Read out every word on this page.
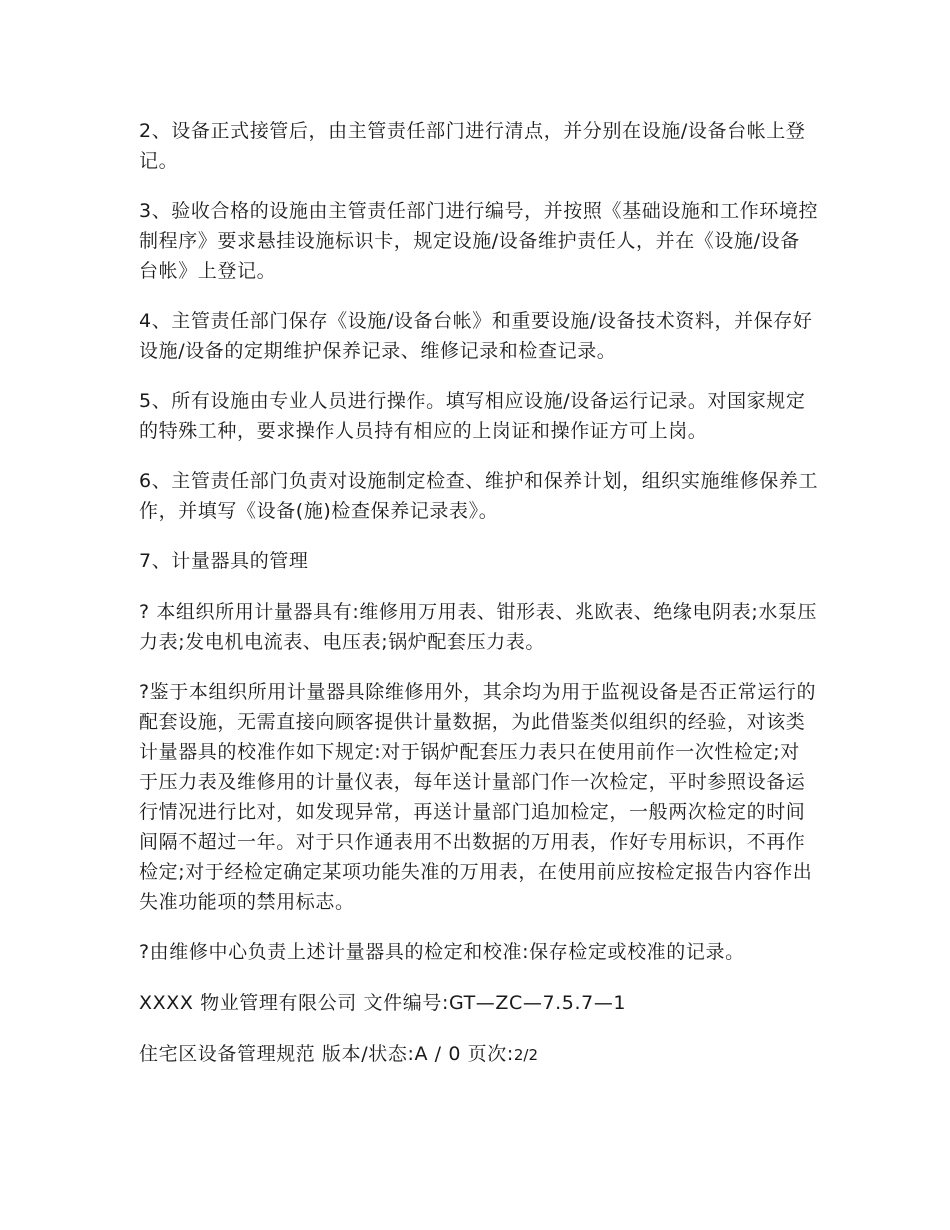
2、设备正式接管后，由主管责任部门进行清点，并分别在设施/设备台帐上登记。

3、验收合格的设施由主管责任部门进行编号，并按照《基础设施和工作环境控制程序》要求悬挂设施标识卡，规定设施/设备维护责任人，并在《设施/设备台帐》上登记。

4、主管责任部门保存《设施/设备台帐》和重要设施/设备技术资料，并保存好设施/设备的定期维护保养记录、维修记录和检查记录。

5、所有设施由专业人员进行操作。填写相应设施/设备运行记录。对国家规定的特殊工种，要求操作人员持有相应的上岗证和操作证方可上岗。

6、主管责任部门负责对设施制定检查、维护和保养计划，组织实施维修保养工作，并填写《设备(施)检查保养记录表》。

7、计量器具的管理

? 本组织所用计量器具有:维修用万用表、钳形表、兆欧表、绝缘电阴表;水泵压力表;发电机电流表、电压表;锅炉配套压力表。

?鉴于本组织所用计量器具除维修用外，其余均为用于监视设备是否正常运行的配套设施，无需直接向顾客提供计量数据，为此借鉴类似组织的经验，对该类计量器具的校准作如下规定:对于锅炉配套压力表只在使用前作一次性检定;对于压力表及维修用的计量仪表，每年送计量部门作一次检定，平时参照设备运行情况进行比对，如发现异常，再送计量部门追加检定，一般两次检定的时间间隔不超过一年。对于只作通表用不出数据的万用表，作好专用标识，不再作检定;对于经检定确定某项功能失准的万用表，在使用前应按检定报告内容作出失准功能项的禁用标志。

?由维修中心负责上述计量器具的检定和校准:保存检定或校准的记录。

XXXX 物业管理有限公司 文件编号:GT—ZC—7.5.7—1

住宅区设备管理规范 版本/状态:A / 0 页次:2/2
